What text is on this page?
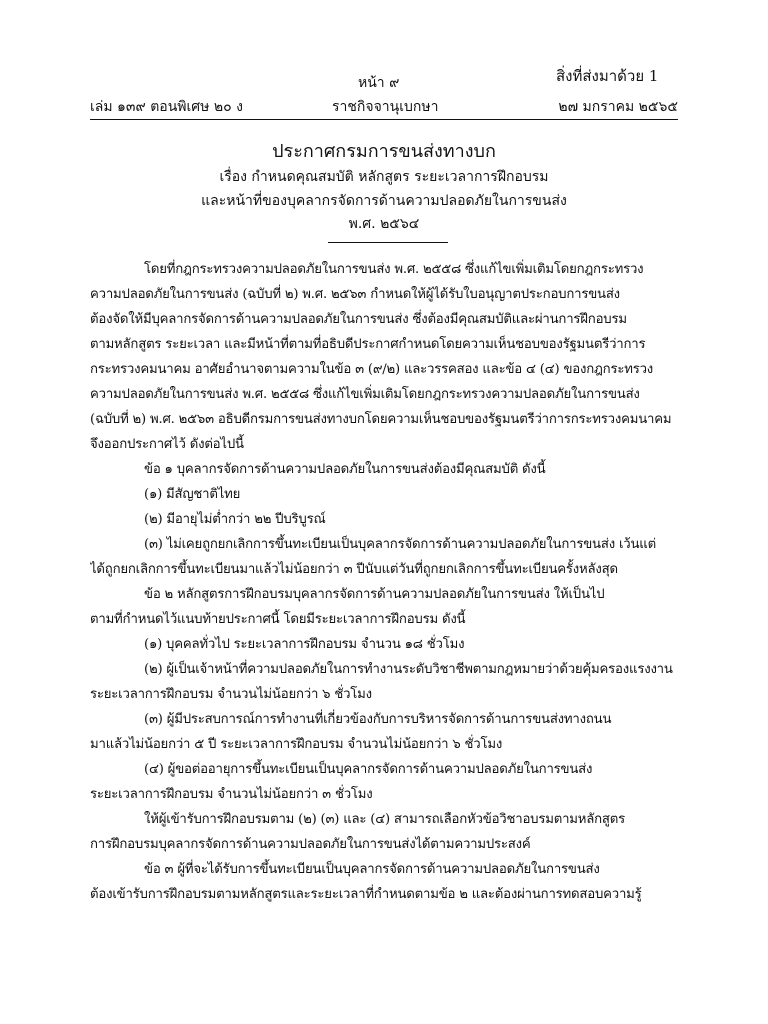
หน้า ๙	สิ่งที่ส่งมาด้วย 1
เล่ม ๑๓๙ ตอนพิเศษ ๒๐ ง	ราชกิจจานุเบกษา	๒๗ มกราคม ๒๕๖๕
ประกาศกรมการขนส่งทางบก
เรื่อง กำหนดคุณสมบัติ หลักสูตร ระยะเวลาการฝึกอบรม
และหน้าที่ของบุคลากรจัดการด้านความปลอดภัยในการขนส่ง
พ.ศ. ๒๕๖๔
โดยที่กฎกระทรวงความปลอดภัยในการขนส่ง พ.ศ. ๒๕๕๘ ซึ่งแก้ไขเพิ่มเติมโดยกฎกระทรวง
ความปลอดภัยในการขนส่ง (ฉบับที่ ๒) พ.ศ. ๒๕๖๓ กำหนดให้ผู้ได้รับใบอนุญาตประกอบการขนส่ง
ต้องจัดให้มีบุคลากรจัดการด้านความปลอดภัยในการขนส่ง ซึ่งต้องมีคุณสมบัติและผ่านการฝึกอบรม
ตามหลักสูตร ระยะเวลา และมีหน้าที่ตามที่อธิบดีประกาศกำหนดโดยความเห็นชอบของรัฐมนตรีว่าการ
กระทรวงคมนาคม อาศัยอำนาจตามความในข้อ ๓ (๙/๒) และวรรคสอง และข้อ ๔ (๔) ของกฎกระทรวง
ความปลอดภัยในการขนส่ง พ.ศ. ๒๕๕๘ ซึ่งแก้ไขเพิ่มเติมโดยกฎกระทรวงความปลอดภัยในการขนส่ง
(ฉบับที่ ๒) พ.ศ. ๒๕๖๓ อธิบดีกรมการขนส่งทางบกโดยความเห็นชอบของรัฐมนตรีว่าการกระทรวงคมนาคม
จึงออกประกาศไว้ ดังต่อไปนี้
ข้อ ๑ บุคลากรจัดการด้านความปลอดภัยในการขนส่งต้องมีคุณสมบัติ ดังนี้
(๑) มีสัญชาติไทย
(๒) มีอายุไม่ต่ำกว่า ๒๒ ปีบริบูรณ์
(๓) ไม่เคยถูกยกเลิกการขึ้นทะเบียนเป็นบุคลากรจัดการด้านความปลอดภัยในการขนส่ง เว้นแต่
ได้ถูกยกเลิกการขึ้นทะเบียนมาแล้วไม่น้อยกว่า ๓ ปีนับแต่วันที่ถูกยกเลิกการขึ้นทะเบียนครั้งหลังสุด
ข้อ ๒ หลักสูตรการฝึกอบรมบุคลากรจัดการด้านความปลอดภัยในการขนส่ง ให้เป็นไป
ตามที่กำหนดไว้แนบท้ายประกาศนี้ โดยมีระยะเวลาการฝึกอบรม ดังนี้
(๑) บุคคลทั่วไป ระยะเวลาการฝึกอบรม จำนวน ๑๘ ชั่วโมง
(๒) ผู้เป็นเจ้าหน้าที่ความปลอดภัยในการทำงานระดับวิชาชีพตามกฎหมายว่าด้วยคุ้มครองแรงงาน
ระยะเวลาการฝึกอบรม จำนวนไม่น้อยกว่า ๖ ชั่วโมง
(๓) ผู้มีประสบการณ์การทำงานที่เกี่ยวข้องกับการบริหารจัดการด้านการขนส่งทางถนน
มาแล้วไม่น้อยกว่า ๕ ปี ระยะเวลาการฝึกอบรม จำนวนไม่น้อยกว่า ๖ ชั่วโมง
(๔) ผู้ขอต่ออายุการขึ้นทะเบียนเป็นบุคลากรจัดการด้านความปลอดภัยในการขนส่ง
ระยะเวลาการฝึกอบรม จำนวนไม่น้อยกว่า ๓ ชั่วโมง
ให้ผู้เข้ารับการฝึกอบรมตาม (๒) (๓) และ (๔) สามารถเลือกหัวข้อวิชาอบรมตามหลักสูตร
การฝึกอบรมบุคลากรจัดการด้านความปลอดภัยในการขนส่งได้ตามความประสงค์
ข้อ ๓ ผู้ที่จะได้รับการขึ้นทะเบียนเป็นบุคลากรจัดการด้านความปลอดภัยในการขนส่ง
ต้องเข้ารับการฝึกอบรมตามหลักสูตรและระยะเวลาที่กำหนดตามข้อ ๒ และต้องผ่านการทดสอบความรู้
